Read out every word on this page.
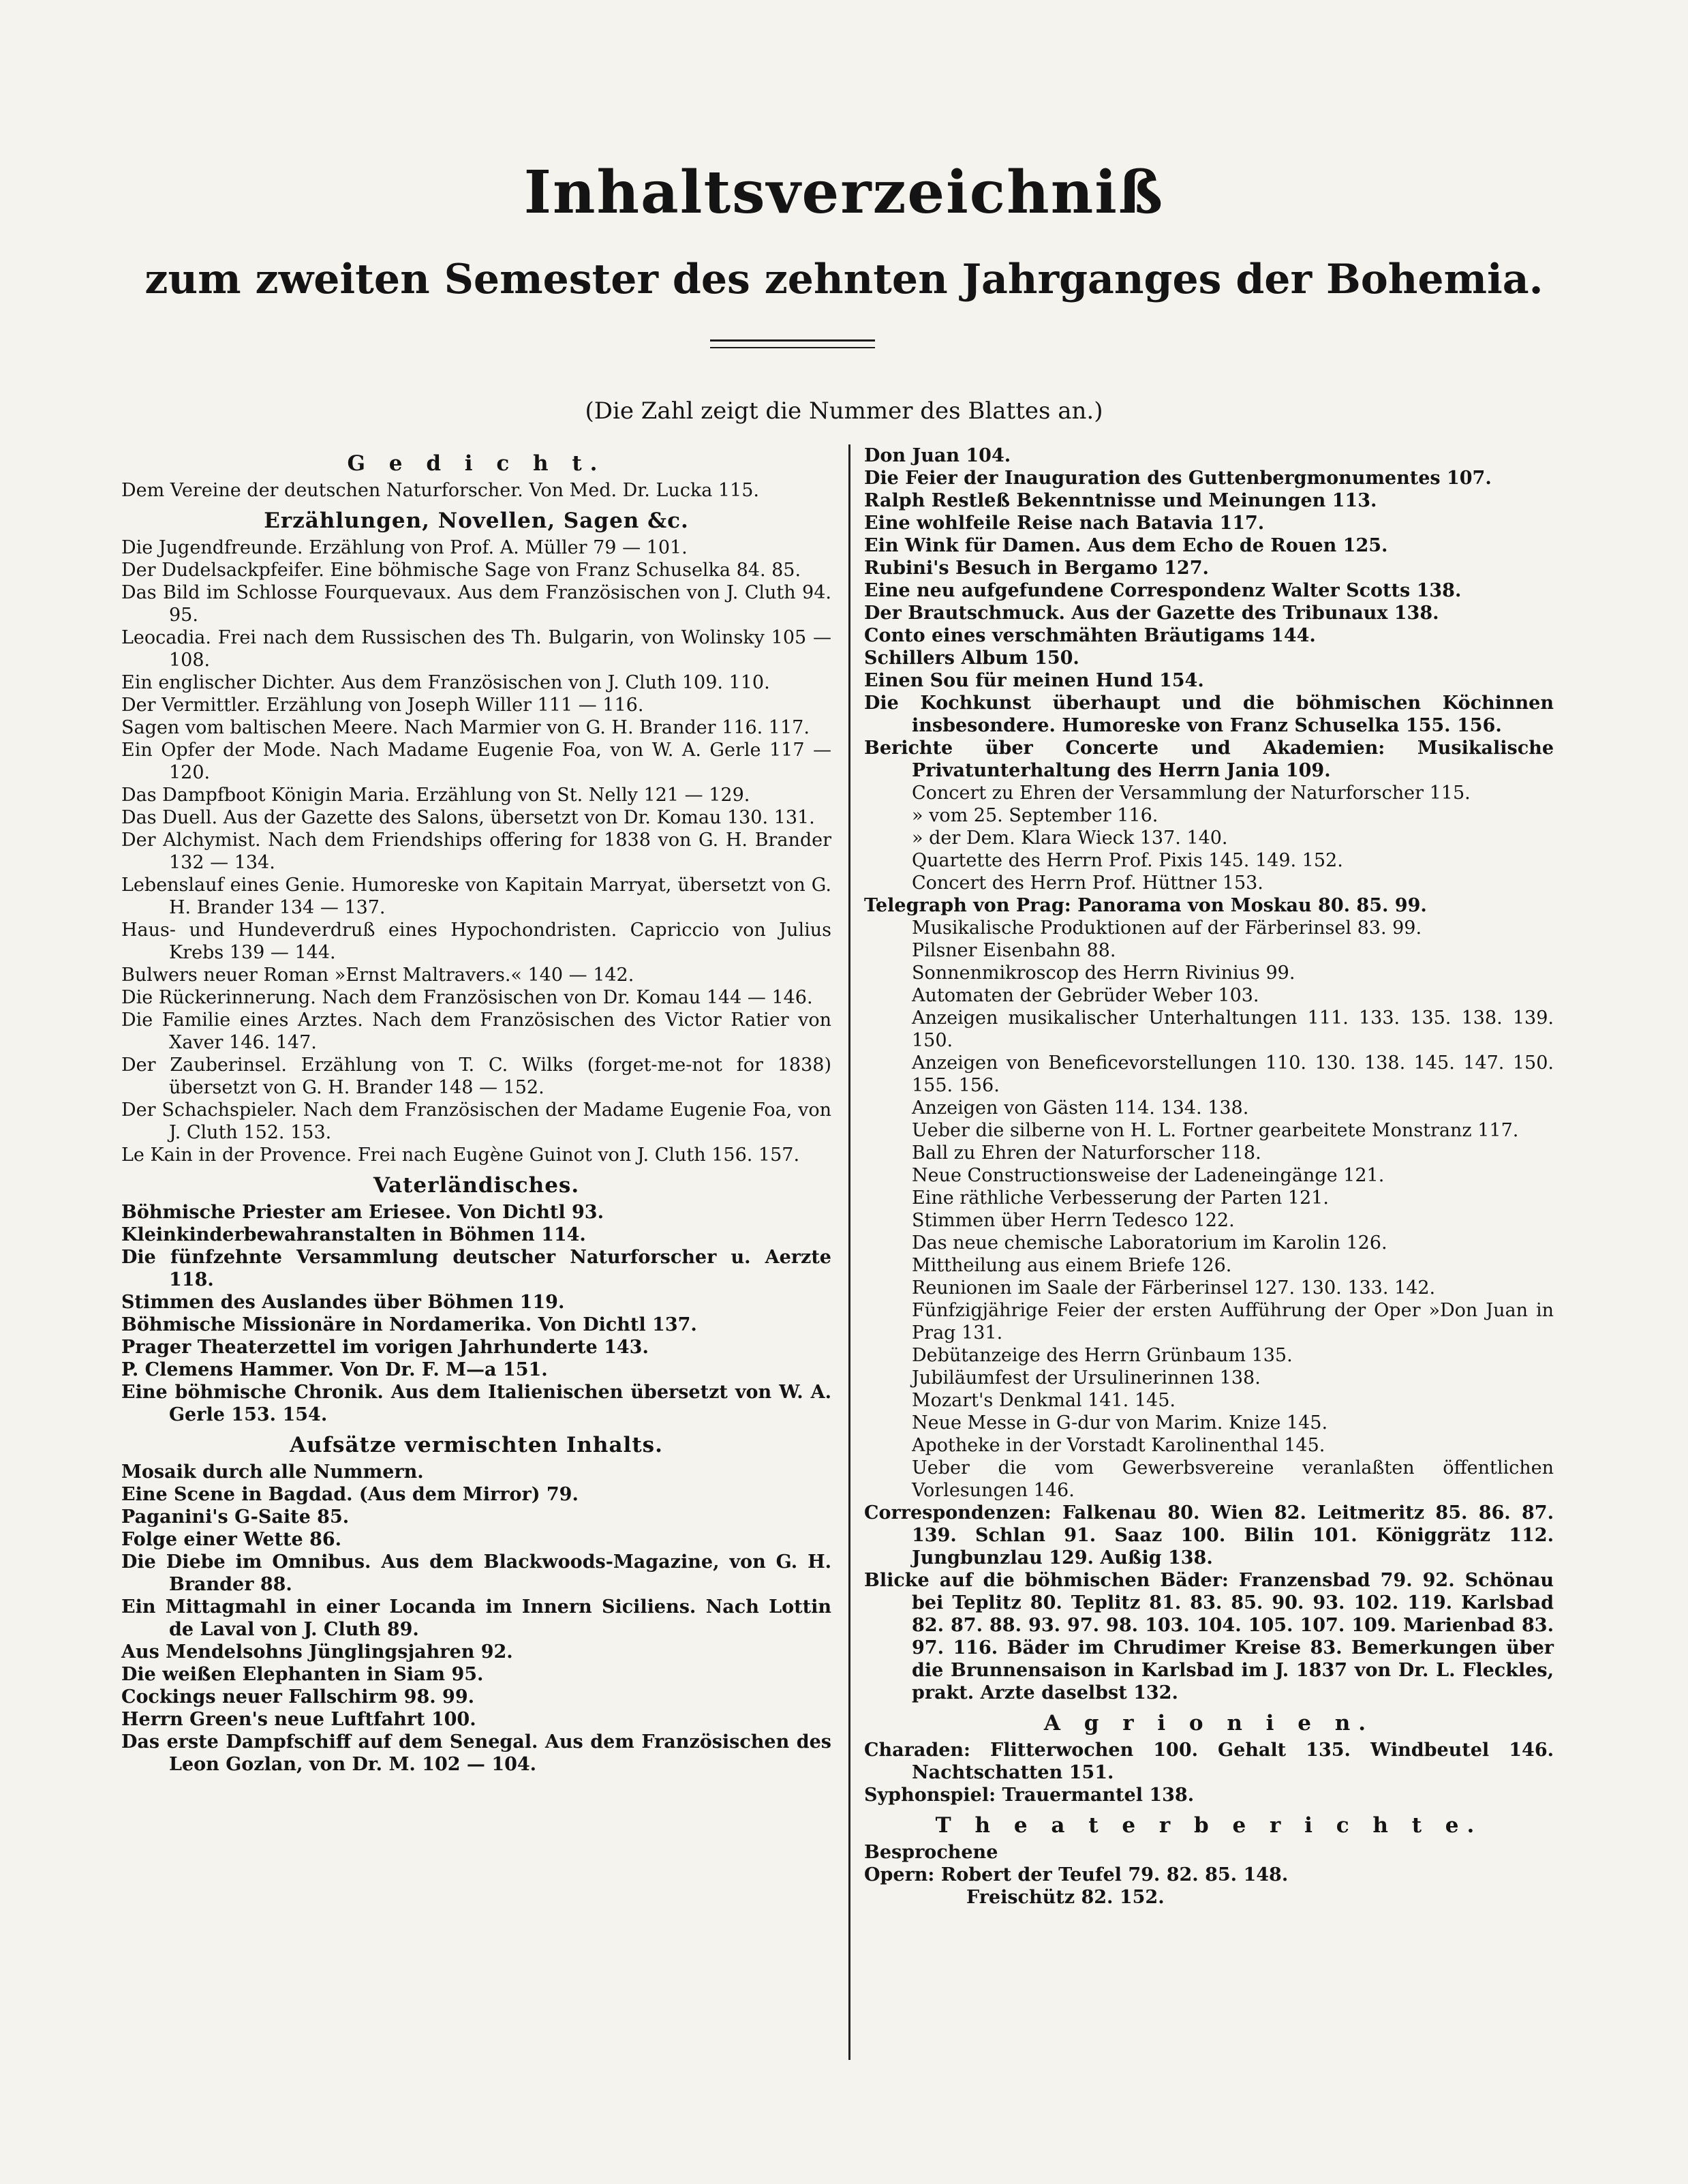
Inhaltsverzeichniß
zum zweiten Semester des zehnten Jahrganges der Bohemia.
(Die Zahl zeigt die Nummer des Blattes an.)

G e d i c h t.

Dem Vereine der deutschen Naturforscher. Von Med. Dr. Lucka 115.

Erzählungen, Novellen, Sagen &c.

Die Jugendfreunde. Erzählung von Prof. A. Müller 79 — 101.

Der Dudelsackpfeifer. Eine böhmische Sage von Franz Schuselka 84. 85.

Das Bild im Schlosse Fourquevaux. Aus dem Französischen von J. Cluth 94. 95.

Leocadia. Frei nach dem Russischen des Th. Bulgarin, von Wolinsky 105 — 108.

Ein englischer Dichter. Aus dem Französischen von J. Cluth 109. 110.

Der Vermittler. Erzählung von Joseph Willer 111 — 116.

Sagen vom baltischen Meere. Nach Marmier von G. H. Brander 116. 117.

Ein Opfer der Mode. Nach Madame Eugenie Foa, von W. A. Gerle 117 — 120.

Das Dampfboot Königin Maria. Erzählung von St. Nelly 121 — 129.

Das Duell. Aus der Gazette des Salons, übersetzt von Dr. Komau 130. 131.

Der Alchymist. Nach dem Friendships offering for 1838 von G. H. Brander 132 — 134.

Lebenslauf eines Genie. Humoreske von Kapitain Marryat, übersetzt von G. H. Brander 134 — 137.

Haus- und Hundeverdruß eines Hypochondristen. Capriccio von Julius Krebs 139 — 144.

Bulwers neuer Roman »Ernst Maltravers.« 140 — 142.

Die Rückerinnerung. Nach dem Französischen von Dr. Komau 144 — 146.

Die Familie eines Arztes. Nach dem Französischen des Victor Ratier von Xaver 146. 147.

Der Zauberinsel. Erzählung von T. C. Wilks (forget-me-not for 1838) übersetzt von G. H. Brander 148 — 152.

Der Schachspieler. Nach dem Französischen der Madame Eugenie Foa, von J. Cluth 152. 153.

Le Kain in der Provence. Frei nach Eugène Guinot von J. Cluth 156. 157.

Vaterländisches.

Böhmische Priester am Eriesee. Von Dichtl 93.

Kleinkinderbewahranstalten in Böhmen 114.

Die fünfzehnte Versammlung deutscher Naturforscher u. Aerzte 118.

Stimmen des Auslandes über Böhmen 119.

Böhmische Missionäre in Nordamerika. Von Dichtl 137.

Prager Theaterzettel im vorigen Jahrhunderte 143.

P. Clemens Hammer. Von Dr. F. M—a 151.

Eine böhmische Chronik. Aus dem Italienischen übersetzt von W. A. Gerle 153. 154.

Aufsätze vermischten Inhalts.

Mosaik durch alle Nummern.

Eine Scene in Bagdad. (Aus dem Mirror) 79.

Paganini's G-Saite 85.

Folge einer Wette 86.

Die Diebe im Omnibus. Aus dem Blackwoods-Magazine, von G. H. Brander 88.

Ein Mittagmahl in einer Locanda im Innern Siciliens. Nach Lottin de Laval von J. Cluth 89.

Aus Mendelsohns Jünglingsjahren 92.

Die weißen Elephanten in Siam 95.

Cockings neuer Fallschirm 98. 99.

Herrn Green's neue Luftfahrt 100.

Das erste Dampfschiff auf dem Senegal. Aus dem Französischen des Leon Gozlan, von Dr. M. 102 — 104.

Don Juan 104.

Die Feier der Inauguration des Guttenbergmonumentes 107.

Ralph Restleß Bekenntnisse und Meinungen 113.

Eine wohlfeile Reise nach Batavia 117.

Ein Wink für Damen. Aus dem Echo de Rouen 125.

Rubini's Besuch in Bergamo 127.

Eine neu aufgefundene Correspondenz Walter Scotts 138.

Der Brautschmuck. Aus der Gazette des Tribunaux 138.

Conto eines verschmähten Bräutigams 144.

Schillers Album 150.

Einen Sou für meinen Hund 154.

Die Kochkunst überhaupt und die böhmischen Köchinnen insbesondere. Humoreske von Franz Schuselka 155. 156.

Berichte über Concerte und Akademien: Musikalische Privatunterhaltung des Herrn Jania 109.

Concert zu Ehren der Versammlung der Naturforscher 115.

» vom 25. September 116.

» der Dem. Klara Wieck 137. 140.

Quartette des Herrn Prof. Pixis 145. 149. 152.

Concert des Herrn Prof. Hüttner 153.

Telegraph von Prag: Panorama von Moskau 80. 85. 99.

Musikalische Produktionen auf der Färberinsel 83. 99.

Pilsner Eisenbahn 88.

Sonnenmikroscop des Herrn Rivinius 99.

Automaten der Gebrüder Weber 103.

Anzeigen musikalischer Unterhaltungen 111. 133. 135. 138. 139. 150.

Anzeigen von Beneficevorstellungen 110. 130. 138. 145. 147. 150. 155. 156.

Anzeigen von Gästen 114. 134. 138.

Ueber die silberne von H. L. Fortner gearbeitete Monstranz 117.

Ball zu Ehren der Naturforscher 118.

Neue Constructionsweise der Ladeneingänge 121.

Eine räthliche Verbesserung der Parten 121.

Stimmen über Herrn Tedesco 122.

Das neue chemische Laboratorium im Karolin 126.

Mittheilung aus einem Briefe 126.

Reunionen im Saale der Färberinsel 127. 130. 133. 142.

Fünfzigjährige Feier der ersten Aufführung der Oper »Don Juan in Prag 131.

Debütanzeige des Herrn Grünbaum 135.

Jubiläumfest der Ursulinerinnen 138.

Mozart's Denkmal 141. 145.

Neue Messe in G-dur von Marim. Knize 145.

Apotheke in der Vorstadt Karolinenthal 145.

Ueber die vom Gewerbsvereine veranlaßten öffentlichen Vorlesungen 146.

Correspondenzen: Falkenau 80. Wien 82. Leitmeritz 85. 86. 87. 139. Schlan 91. Saaz 100. Bilin 101. Königgrätz 112. Jungbunzlau 129. Außig 138.

Blicke auf die böhmischen Bäder: Franzensbad 79. 92. Schönau bei Teplitz 80. Teplitz 81. 83. 85. 90. 93. 102. 119. Karlsbad 82. 87. 88. 93. 97. 98. 103. 104. 105. 107. 109. Marienbad 83. 97. 116. Bäder im Chrudimer Kreise 83. Bemerkungen über die Brunnensaison in Karlsbad im J. 1837 von Dr. L. Fleckles, prakt. Arzte daselbst 132.

A g r i o n i e n.

Charaden: Flitterwochen 100. Gehalt 135. Windbeutel 146. Nachtschatten 151.

Syphonspiel: Trauermantel 138.

T h e a t e r b e r i c h t e.

Besprochene

Opern: Robert der Teufel 79. 82. 85. 148.

Freischütz 82. 152.
